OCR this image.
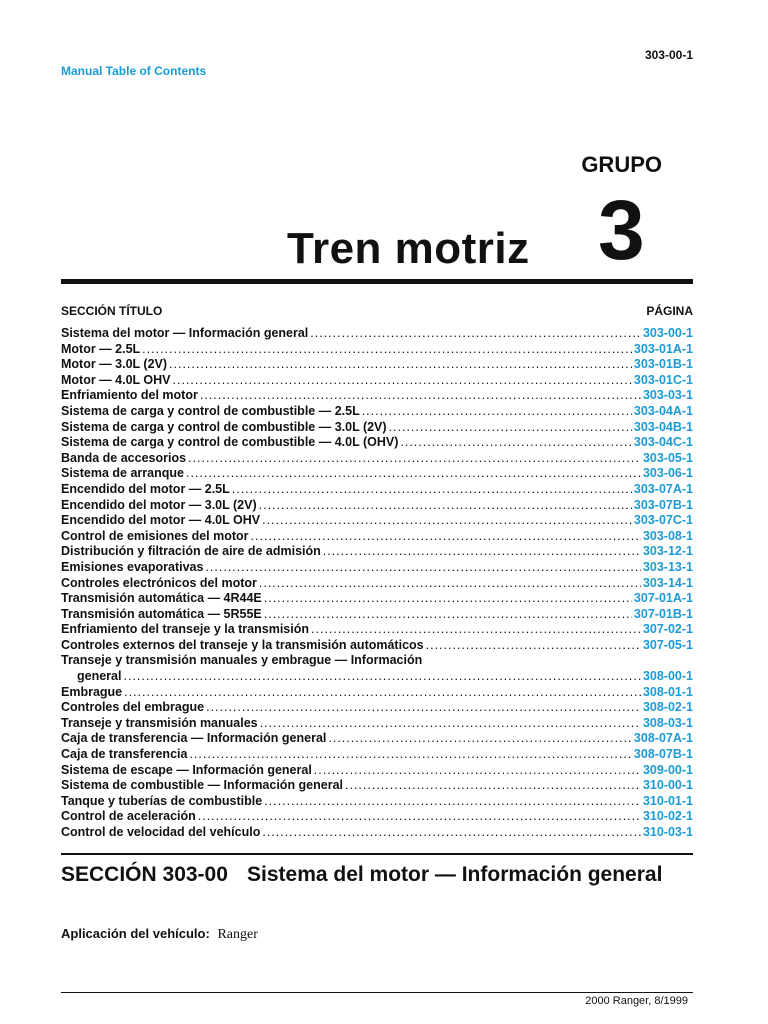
303-00-1
Manual Table of Contents
GRUPO
Tren motriz 3
SECCIÓN TÍTULO	PÁGINA
Sistema del motor — Información general .....	303-00-1
Motor — 2.5L .....	303-01A-1
Motor — 3.0L (2V) .....	303-01B-1
Motor — 4.0L OHV .....	303-01C-1
Enfriamiento del motor .....	303-03-1
Sistema de carga y control de combustible — 2.5L .....	303-04A-1
Sistema de carga y control de combustible — 3.0L (2V) .....	303-04B-1
Sistema de carga y control de combustible — 4.0L (OHV) .....	303-04C-1
Banda de accesorios .....	303-05-1
Sistema de arranque .....	303-06-1
Encendido del motor — 2.5L .....	303-07A-1
Encendido del motor — 3.0L (2V) .....	303-07B-1
Encendido del motor — 4.0L OHV .....	303-07C-1
Control de emisiones del motor .....	303-08-1
Distribución y filtración de aire de admisión .....	303-12-1
Emisiones evaporativas .....	303-13-1
Controles electrónicos del motor .....	303-14-1
Transmisión automática — 4R44E .....	307-01A-1
Transmisión automática — 5R55E .....	307-01B-1
Enfriamiento del transeje y la transmisión .....	307-02-1
Controles externos del transeje y la transmisión automáticos .....	307-05-1
Transeje y transmisión manuales y embrague — Información
general .....	308-00-1
Embrague .....	308-01-1
Controles del embrague .....	308-02-1
Transeje y transmisión manuales .....	308-03-1
Caja de transferencia — Información general .....	308-07A-1
Caja de transferencia .....	308-07B-1
Sistema de escape — Información general .....	309-00-1
Sistema de combustible — Información general .....	310-00-1
Tanque y tuberías de combustible .....	310-01-1
Control de aceleración .....	310-02-1
Control de velocidad del vehículo .....	310-03-1
SECCIÓN 303-00 Sistema del motor — Información general
Aplicación del vehículo: Ranger
2000 Ranger, 8/1999
